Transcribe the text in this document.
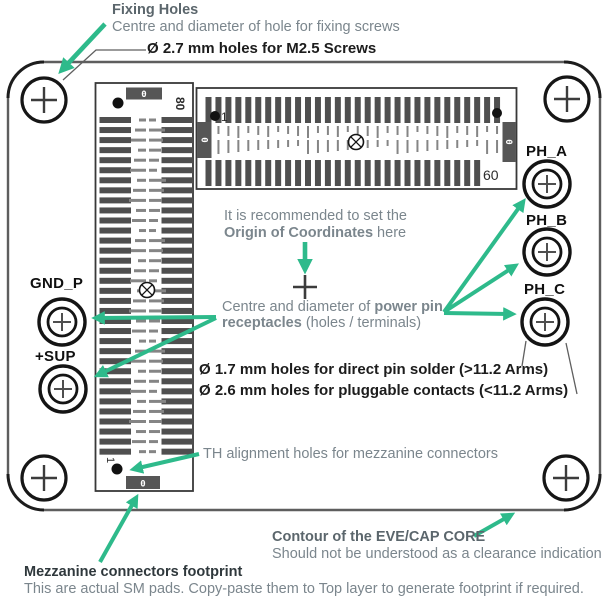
0
0
80
1
0	0
1
60
Fixing Holes
Centre and diameter of hole for fixing screws
Ø 2.7 mm holes for M2.5 Screws
It is recommended to set the
Origin of Coordinates here
GND_P
+SUP
PH_A
PH_B
PH_C
Centre and diameter of power pin
receptacles (holes / terminals)
Ø 1.7 mm holes for direct pin solder (>11.2 Arms)
Ø 2.6 mm holes for pluggable contacts (<11.2 Arms)
TH alignment holes for mezzanine connectors
Contour of the EVE/CAP CORE
Should not be understood as a clearance indication
Mezzanine connectors footprint
This are actual SM pads. Copy-paste them to Top layer to generate footprint if required.
